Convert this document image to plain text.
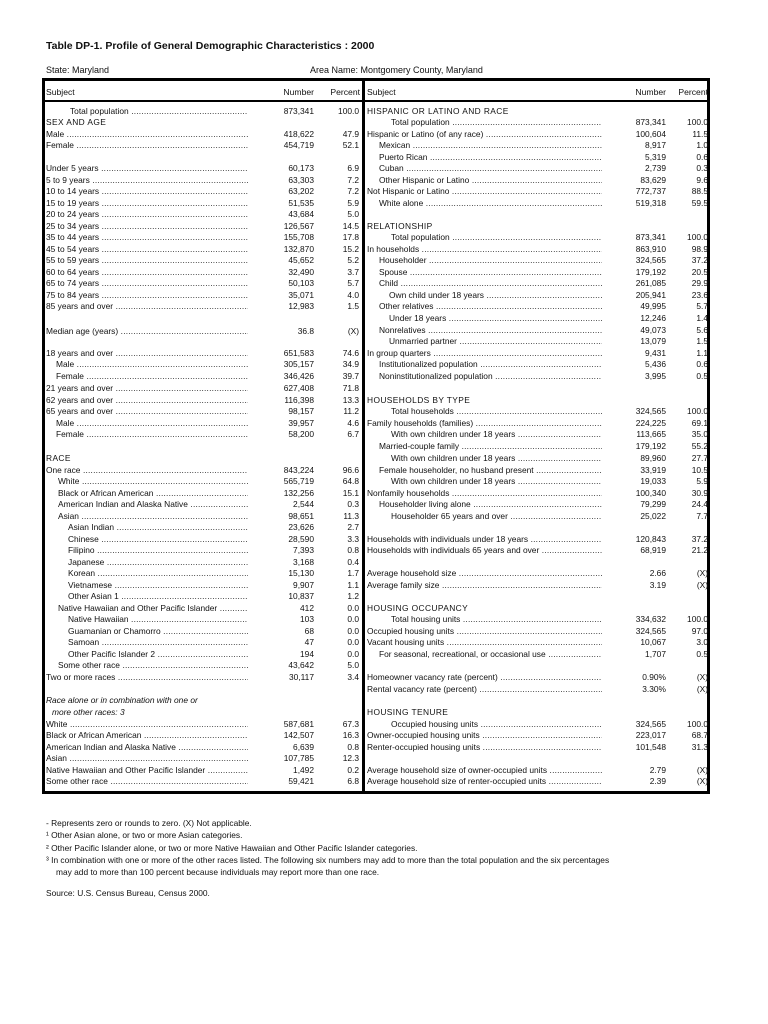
Table DP-1. Profile of General Demographic Characteristics : 2000
State: Maryland	Area Name: Montgomery County, Maryland
Subject	Number	Percent Subject	Number	Percent
Total population .....	873,341	100.0
SEX AND AGE
Male .....	418,622	47.9
Female .....	454,719	52.1
Under 5 years .....	60,173	6.9
5 to 9 years .....	63,303	7.2
10 to 14 years .....	63,202	7.2
15 to 19 years .....	51,535	5.9
20 to 24 years .....	43,684	5.0
25 to 34 years .....	126,567	14.5
35 to 44 years .....	155,708	17.8
45 to 54 years .....	132,870	15.2
55 to 59 years .....	45,652	5.2
60 to 64 years .....	32,490	3.7
65 to 74 years .....	50,103	5.7
75 to 84 years .....	35,071	4.0
85 years and over .....	12,983	1.5
Median age (years) .....	36.8	(X)
18 years and over .....	651,583	74.6
Male .....	305,157	34.9
Female .....	346,426	39.7
21 years and over .....	627,408	71.8
62 years and over .....	116,398	13.3
65 years and over .....	98,157	11.2
Male .....	39,957	4.6
Female .....	58,200	6.7
RACE
One race .....	843,224	96.6
White .....	565,719	64.8
Black or African American .....	132,256	15.1
American Indian and Alaska Native .....	2,544	0.3
Asian .....	98,651	11.3
Asian Indian .....	23,626	2.7
Chinese .....	28,590	3.3
Filipino .....	7,393	0.8
Japanese .....	3,168	0.4
Korean .....	15,130	1.7
Vietnamese .....	9,907	1.1
Other Asian 1 .....	10,837	1.2
Native Hawaiian and Other Pacific Islander .....	412	0.0
Native Hawaiian .....	103	0.0
Guamanian or Chamorro .....	68	0.0
Samoan .....	47	0.0
Other Pacific Islander 2 .....	194	0.0
Some other race .....	43,642	5.0
Two or more races .....	30,117	3.4
Race alone or in combination with one or
more other races: 3
White .....	587,681	67.3
Black or African American .....	142,507	16.3
American Indian and Alaska Native .....	6,639	0.8
Asian .....	107,785	12.3
Native Hawaiian and Other Pacific Islander .....	1,492	0.2
Some other race .....	59,421	6.8
HISPANIC OR LATINO AND RACE
Total population .....	873,341	100.0
Hispanic or Latino (of any race) .....	100,604	11.5
Mexican .....	8,917	1.0
Puerto Rican .....	5,319	0.6
Cuban .....	2,739	0.3
Other Hispanic or Latino .....	83,629	9.6
Not Hispanic or Latino .....	772,737	88.5
White alone .....	519,318	59.5
RELATIONSHIP
Total population .....	873,341	100.0
In households .....	863,910	98.9
Householder .....	324,565	37.2
Spouse .....	179,192	20.5
Child .....	261,085	29.9
Own child under 18 years .....	205,941	23.6
Other relatives .....	49,995	5.7
Under 18 years .....	12,246	1.4
Nonrelatives .....	49,073	5.6
Unmarried partner .....	13,079	1.5
In group quarters .....	9,431	1.1
Institutionalized population .....	5,436	0.6
Noninstitutionalized population .....	3,995	0.5
HOUSEHOLDS BY TYPE
Total households .....	324,565	100.0
Family households (families) .....	224,225	69.1
With own children under 18 years .....	113,665	35.0
Married-couple family .....	179,192	55.2
With own children under 18 years .....	89,960	27.7
Female householder, no husband present .....	33,919	10.5
With own children under 18 years .....	19,033	5.9
Nonfamily households .....	100,340	30.9
Householder living alone .....	79,299	24.4
Householder 65 years and over .....	25,022	7.7
Households with individuals under 18 years .....	120,843	37.2
Households with individuals 65 years and over .....	68,919	21.2
Average household size .....	2.66	(X)
Average family size .....	3.19	(X)
HOUSING OCCUPANCY
Total housing units .....	334,632	100.0
Occupied housing units .....	324,565	97.0
Vacant housing units .....	10,067	3.0
For seasonal, recreational, or occasional use .....	1,707	0.5
Homeowner vacancy rate (percent) .....	0.90%	(X)
Rental vacancy rate (percent) .....	3.30%	(X)
HOUSING TENURE
Occupied housing units .....	324,565	100.0
Owner-occupied housing units .....	223,017	68.7
Renter-occupied housing units .....	101,548	31.3
Average household size of owner-occupied units .....	2.79	(X)
Average household size of renter-occupied units .....	2.39	(X)
- Represents zero or rounds to zero. (X) Not applicable.
¹ Other Asian alone, or two or more Asian categories.
² Other Pacific Islander alone, or two or more Native Hawaiian and Other Pacific Islander categories.
³ In combination with one or more of the other races listed. The following six numbers may add to more than the total population and the six percentages
may add to more than 100 percent because individuals may report more than one race.
Source: U.S. Census Bureau, Census 2000.
